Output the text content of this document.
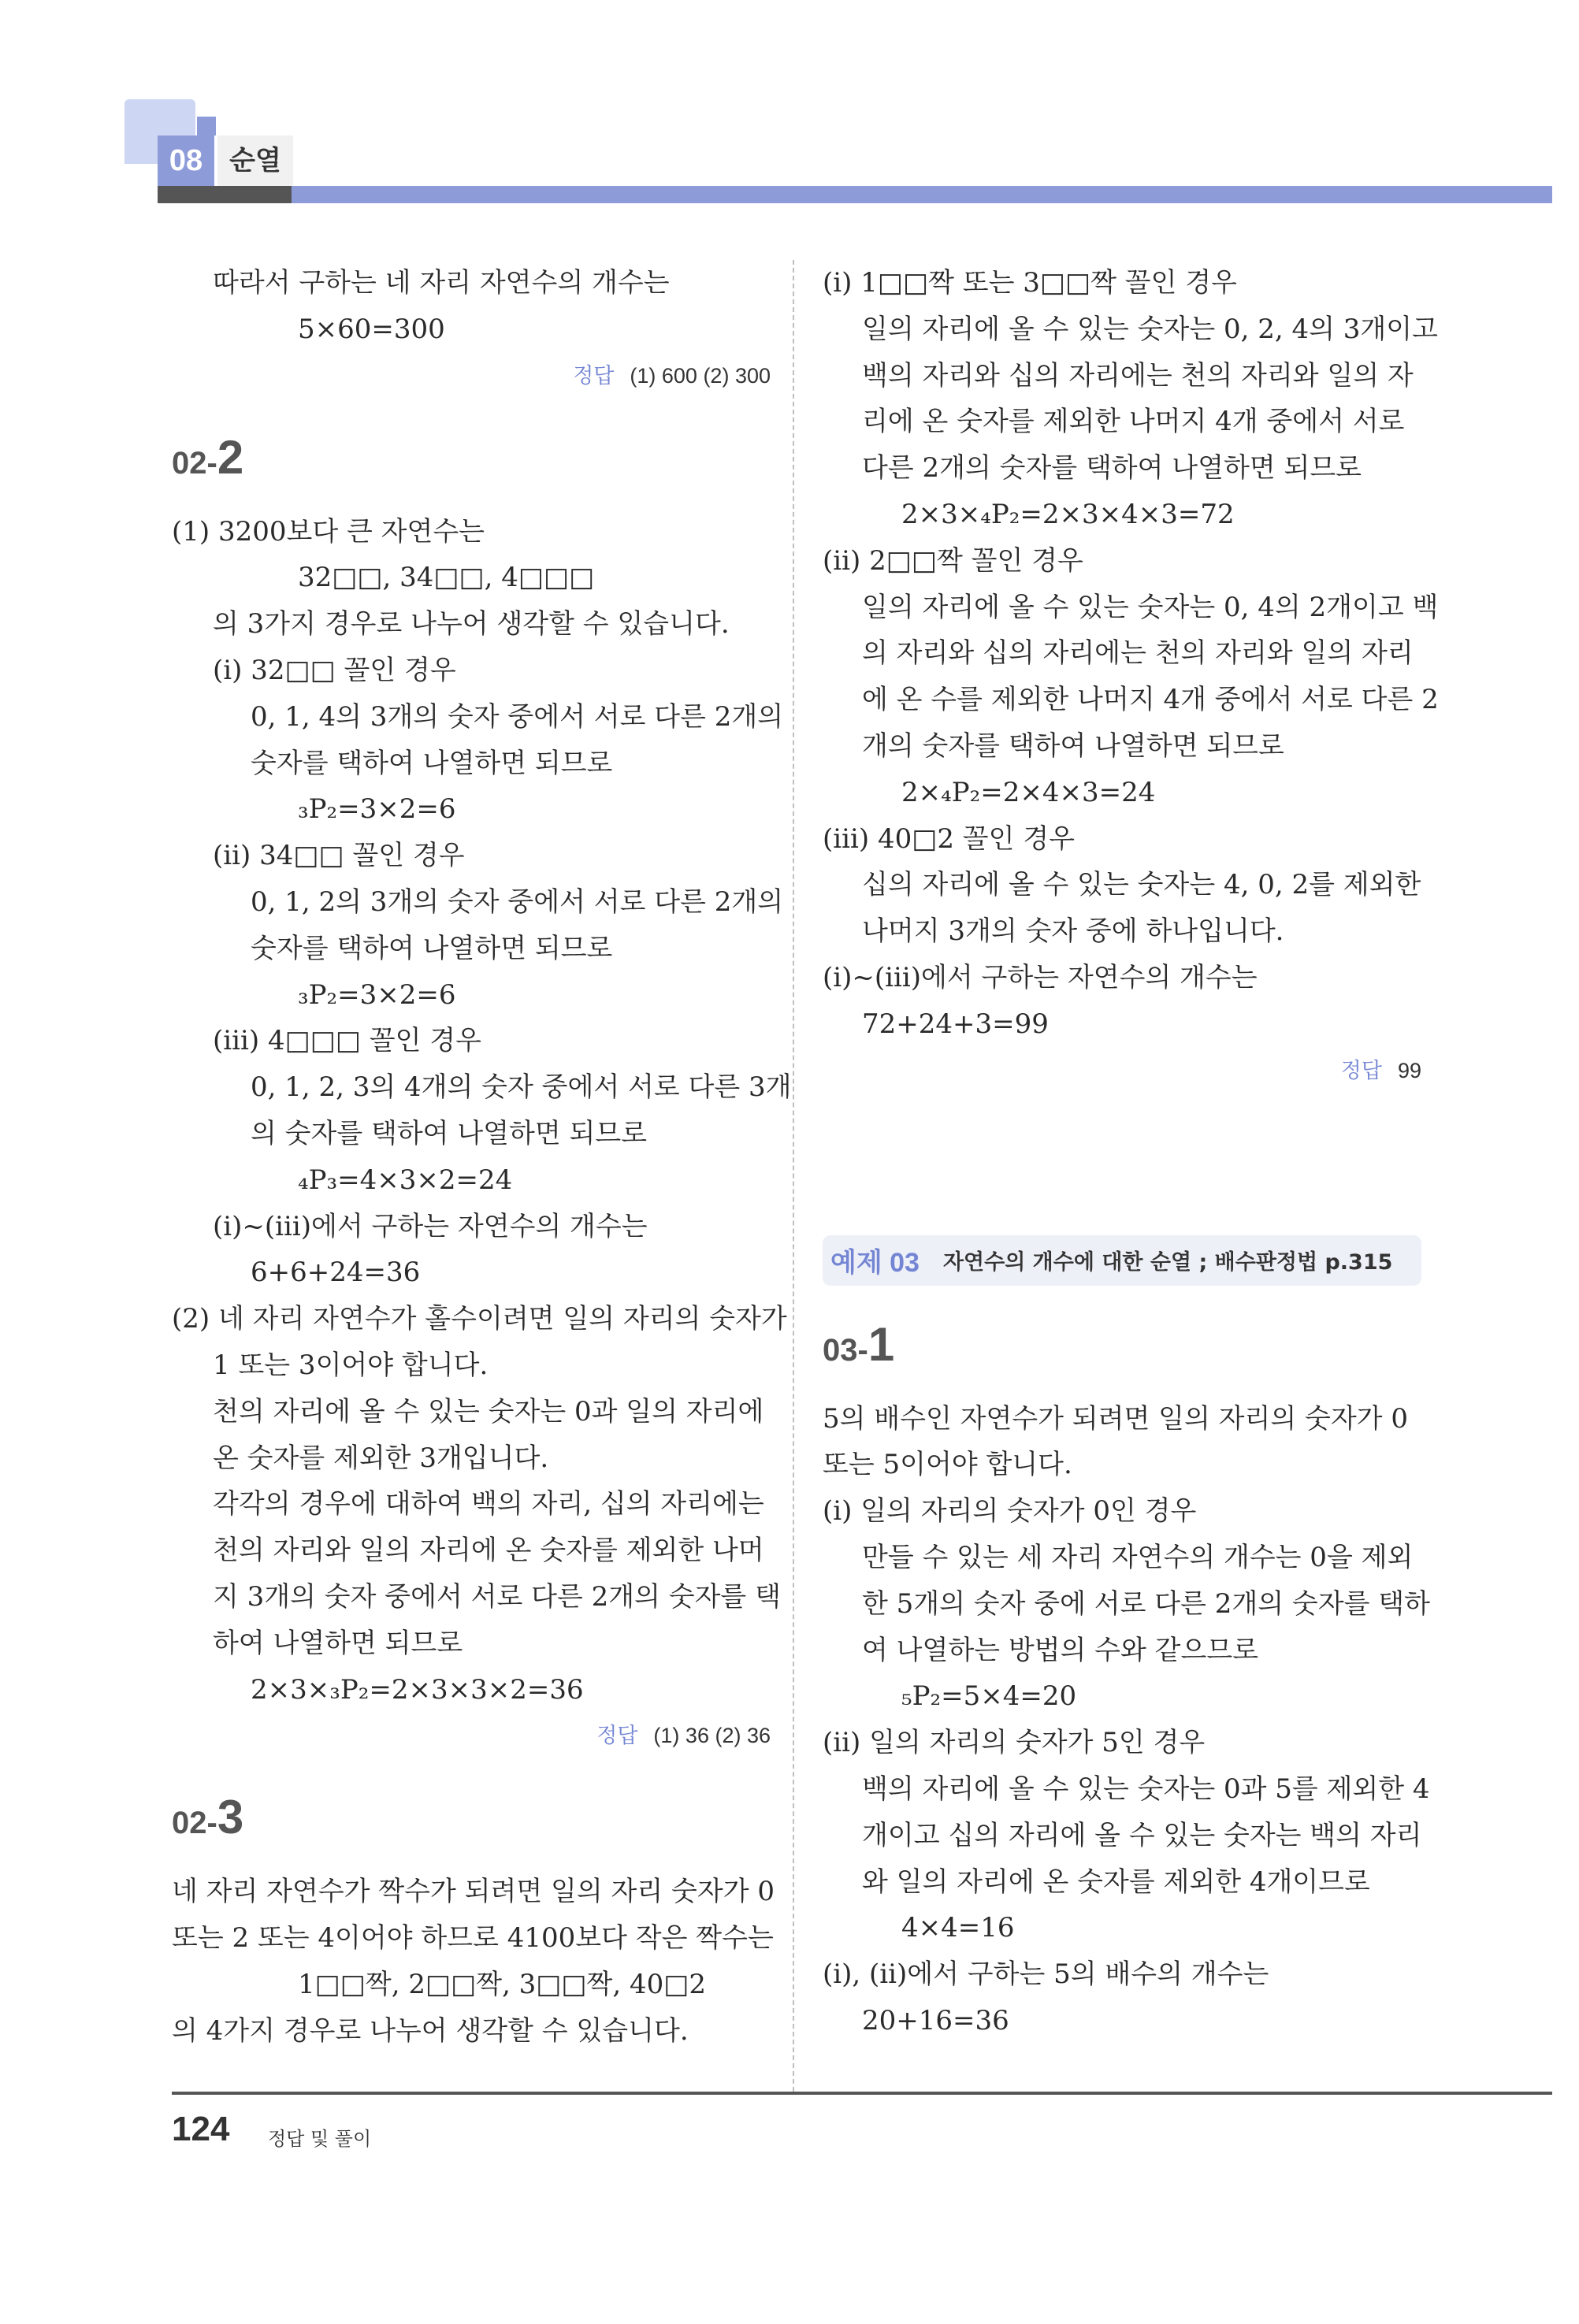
08	순열
따라서 구하는 네 자리 자연수의 개수는
5×60=300
정답 (1) 600 (2) 300
02-2
(1) 3200보다 큰 자연수는
32□□, 34□□, 4□□□
의 3가지 경우로 나누어 생각할 수 있습니다.
(ⅰ) 32□□ 꼴인 경우
0, 1, 4의 3개의 숫자 중에서 서로 다른 2개의
숫자를 택하여 나열하면 되므로
₃P₂=3×2=6
(ⅱ) 34□□ 꼴인 경우
0, 1, 2의 3개의 숫자 중에서 서로 다른 2개의
숫자를 택하여 나열하면 되므로
₃P₂=3×2=6
(ⅲ) 4□□□ 꼴인 경우
0, 1, 2, 3의 4개의 숫자 중에서 서로 다른 3개
의 숫자를 택하여 나열하면 되므로
₄P₃=4×3×2=24
(ⅰ)~(ⅲ)에서 구하는 자연수의 개수는
6+6+24=36
(2) 네 자리 자연수가 홀수이려면 일의 자리의 숫자가
1 또는 3이어야 합니다.
천의 자리에 올 수 있는 숫자는 0과 일의 자리에
온 숫자를 제외한 3개입니다.
각각의 경우에 대하여 백의 자리, 십의 자리에는
천의 자리와 일의 자리에 온 숫자를 제외한 나머
지 3개의 숫자 중에서 서로 다른 2개의 숫자를 택
하여 나열하면 되므로
2×3×₃P₂=2×3×3×2=36
정답 (1) 36 (2) 36
02-3
네 자리 자연수가 짝수가 되려면 일의 자리 숫자가 0
또는 2 또는 4이어야 하므로 4100보다 작은 짝수는
1□□짝, 2□□짝, 3□□짝, 40□2
의 4가지 경우로 나누어 생각할 수 있습니다.
(ⅰ) 1□□짝 또는 3□□짝 꼴인 경우
일의 자리에 올 수 있는 숫자는 0, 2, 4의 3개이고
백의 자리와 십의 자리에는 천의 자리와 일의 자
리에 온 숫자를 제외한 나머지 4개 중에서 서로
다른 2개의 숫자를 택하여 나열하면 되므로
2×3×₄P₂=2×3×4×3=72
(ⅱ) 2□□짝 꼴인 경우
일의 자리에 올 수 있는 숫자는 0, 4의 2개이고 백
의 자리와 십의 자리에는 천의 자리와 일의 자리
에 온 수를 제외한 나머지 4개 중에서 서로 다른 2
개의 숫자를 택하여 나열하면 되므로
2×₄P₂=2×4×3=24
(ⅲ) 40□2 꼴인 경우
십의 자리에 올 수 있는 숫자는 4, 0, 2를 제외한
나머지 3개의 숫자 중에 하나입니다.
(ⅰ)~(ⅲ)에서 구하는 자연수의 개수는
72+24+3=99
정답 99
예제 03 자연수의 개수에 대한 순열 ; 배수판정법 p.315
03-1
5의 배수인 자연수가 되려면 일의 자리의 숫자가 0
또는 5이어야 합니다.
(ⅰ) 일의 자리의 숫자가 0인 경우
만들 수 있는 세 자리 자연수의 개수는 0을 제외
한 5개의 숫자 중에 서로 다른 2개의 숫자를 택하
여 나열하는 방법의 수와 같으므로
₅P₂=5×4=20
(ⅱ) 일의 자리의 숫자가 5인 경우
백의 자리에 올 수 있는 숫자는 0과 5를 제외한 4
개이고 십의 자리에 올 수 있는 숫자는 백의 자리
와 일의 자리에 온 숫자를 제외한 4개이므로
4×4=16
(ⅰ), (ⅱ)에서 구하는 5의 배수의 개수는
20+16=36
124 정답 및 풀이
